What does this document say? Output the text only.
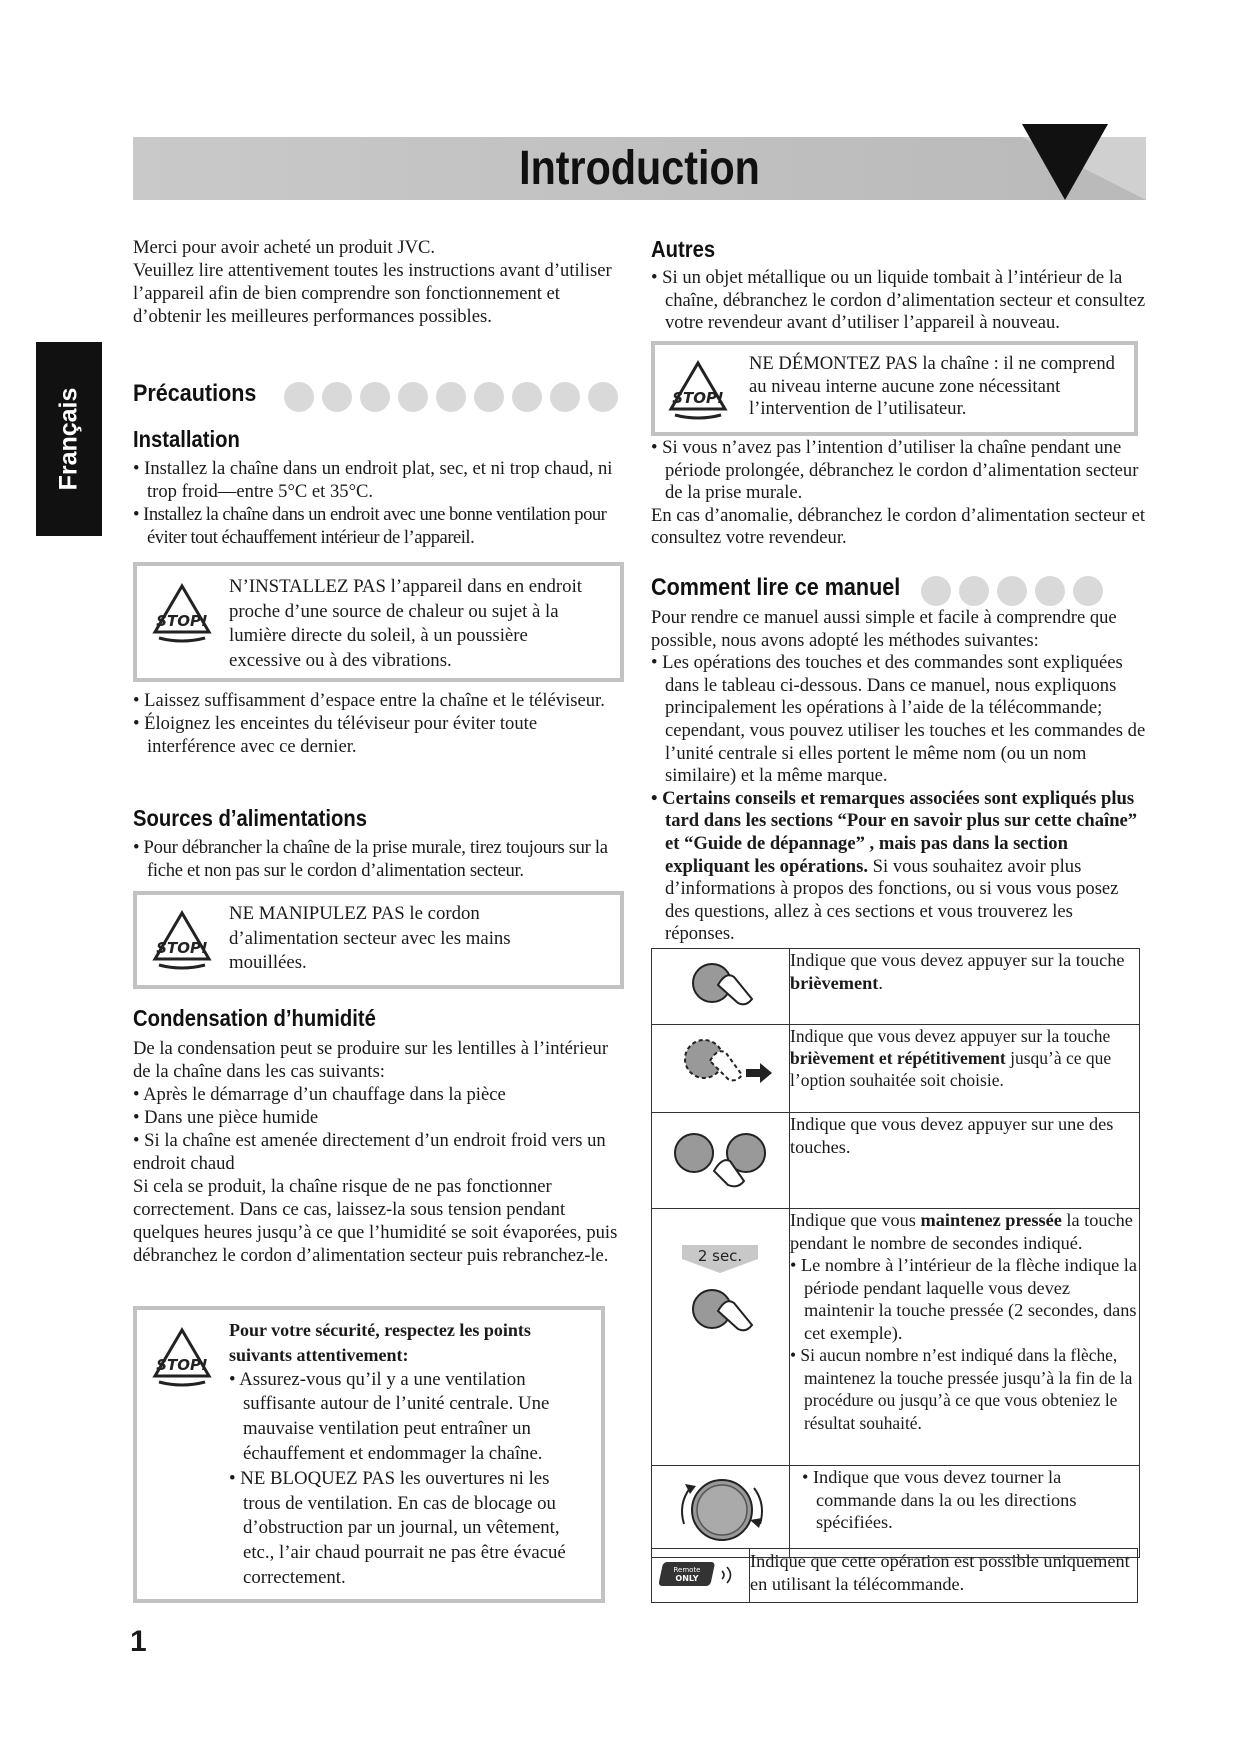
Introduction
Français

Merci pour avoir acheté un produit JVC.

Veuillez lire attentivement toutes les instructions avant d’utiliser l’appareil afin de bien comprendre son fonctionnement et d’obtenir les meilleures performances possibles.

Précautions
Installation

• Installez la chaîne dans un endroit plat, sec, et ni trop chaud, ni trop froid—entre 5°C et 35°C.

• Installez la chaîne dans un endroit avec une bonne ventilation pour éviter tout échauffement intérieur de l’appareil.

STOP!
N’INSTALLEZ PAS l’appareil dans en endroit proche d’une source de chaleur ou sujet à la lumière directe du soleil, à un poussière excessive ou à des vibrations.

• Laissez suffisamment d’espace entre la chaîne et le téléviseur.

• Éloignez les enceintes du téléviseur pour éviter toute interférence avec ce dernier.

Sources d’alimentations

• Pour débrancher la chaîne de la prise murale, tirez toujours sur la fiche et non pas sur le cordon d’alimentation secteur.

STOP!
NE MANIPULEZ PAS le cordon d’alimentation secteur avec les mains mouillées.
Condensation d’humidité

De la condensation peut se produire sur les lentilles à l’intérieur de la chaîne dans les cas suivants:

• Après le démarrage d’un chauffage dans la pièce

• Dans une pièce humide

• Si la chaîne est amenée directement d’un endroit froid vers un endroit chaud

Si cela se produit, la chaîne risque de ne pas fonctionner correctement. Dans ce cas, laissez-la sous tension pendant quelques heures jusqu’à ce que l’humidité se soit évaporées, puis débranchez le cordon d’alimentation secteur puis rebranchez-le.

STOP!

Pour votre sécurité, respectez les points suivants attentivement:

• Assurez-vous qu’il y a une ventilation suffisante autour de l’unité centrale. Une mauvaise ventilation peut entraîner un échauffement et endommager la chaîne.

• NE BLOQUEZ PAS les ouvertures ni les trous de ventilation. En cas de blocage ou d’obstruction par un journal, un vêtement, etc., l’air chaud pourrait ne pas être évacué correctement.

1
Autres

• Si un objet métallique ou un liquide tombait à l’intérieur de la chaîne, débranchez le cordon d’alimentation secteur et consultez votre revendeur avant d’utiliser l’appareil à nouveau.

STOP!
NE DÉMONTEZ PAS la chaîne : il ne comprend au niveau interne aucune zone nécessitant l’intervention de l’utilisateur.

• Si vous n’avez pas l’intention d’utiliser la chaîne pendant une période prolongée, débranchez le cordon d’alimentation secteur de la prise murale.

En cas d’anomalie, débranchez le cordon d’alimentation secteur et consultez votre revendeur.

Comment lire ce manuel

Pour rendre ce manuel aussi simple et facile à comprendre que possible, nous avons adopté les méthodes suivantes:

• Les opérations des touches et des commandes sont expliquées dans le tableau ci-dessous. Dans ce manuel, nous expliquons principalement les opérations à l’aide de la télécommande; cependant, vous pouvez utiliser les touches et les commandes de l’unité centrale si elles portent le même nom (ou un nom similaire) et la même marque.

• Certains conseils et remarques associées sont expliqués plus tard dans les sections “Pour en savoir plus sur cette chaîne” et “Guide de dépannage” , mais pas dans la section expliquant les opérations. Si vous souhaitez avoir plus d’informations à propos des fonctions, ou si vous vous posez des questions, allez à ces sections et vous trouverez les réponses.

	Indique que vous devez appuyer sur la touche brièvement.
	Indique que vous devez appuyer sur la touche brièvement et répétitivement jusqu’à ce que l’option souhaitée soit choisie.
	Indique que vous devez appuyer sur une des touches.

2 sec.	Indique que vous maintenez pressée la touche pendant le nombre de secondes indiqué.

• Le nombre à l’intérieur de la flèche indique la période pendant laquelle vous devez maintenir la touche pressée (2 secondes, dans cet exemple).

• Si aucun nombre n’est indiqué dans la flèche, maintenez la touche pressée jusqu’à la fin de la procédure ou jusqu’à ce que vous obteniez le résultat souhaité.

• Indique que vous devez tourner la commande dans la ou les directions spécifiées.

Remote
ONLY
	Indique que cette opération est possible uniquement en utilisant la télécommande.
